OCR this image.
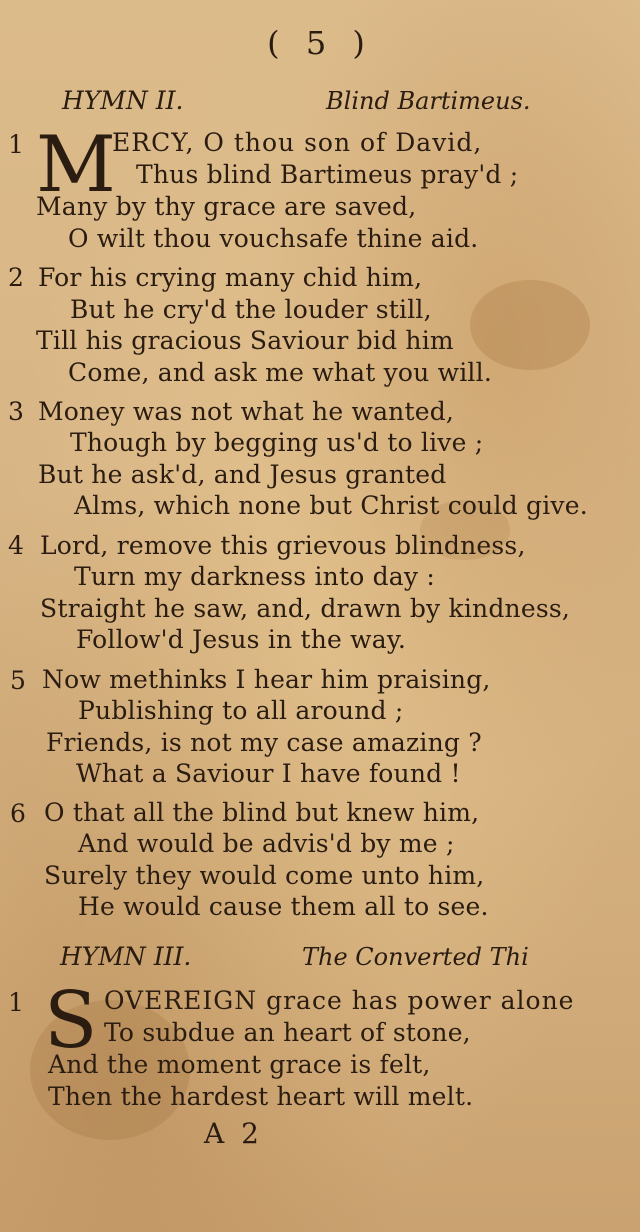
( 5 )
HYMN II.	Blind Bartimeus.
1 M
ERCY, O thou son of David,
Thus blind Bartimeus pray'd ;
Many by thy grace are saved,
O wilt thou vouchsafe thine aid.
2 For his crying many chid him,
But he cry'd the louder still,
Till his gracious Saviour bid him
Come, and ask me what you will.
3 Money was not what he wanted,
Though by begging us'd to live ;
But he ask'd, and Jesus granted
Alms, which none but Christ could give.
4 Lord, remove this grievous blindness,
Turn my darkness into day :
Straight he saw, and, drawn by kindness,
Follow'd Jesus in the way.
5 Now methinks I hear him praising,
Publishing to all around ;
Friends, is not my case amazing ?
What a Saviour I have found !
6 O that all the blind but knew him,
And would be advis'd by me ;
Surely they would come unto him,
He would cause them all to see.
HYMN III.	The Converted Thi
1 S OVEREIGN grace has power alone
To subdue an heart of stone,
And the moment grace is felt,
Then the hardest heart will melt.
A 2
